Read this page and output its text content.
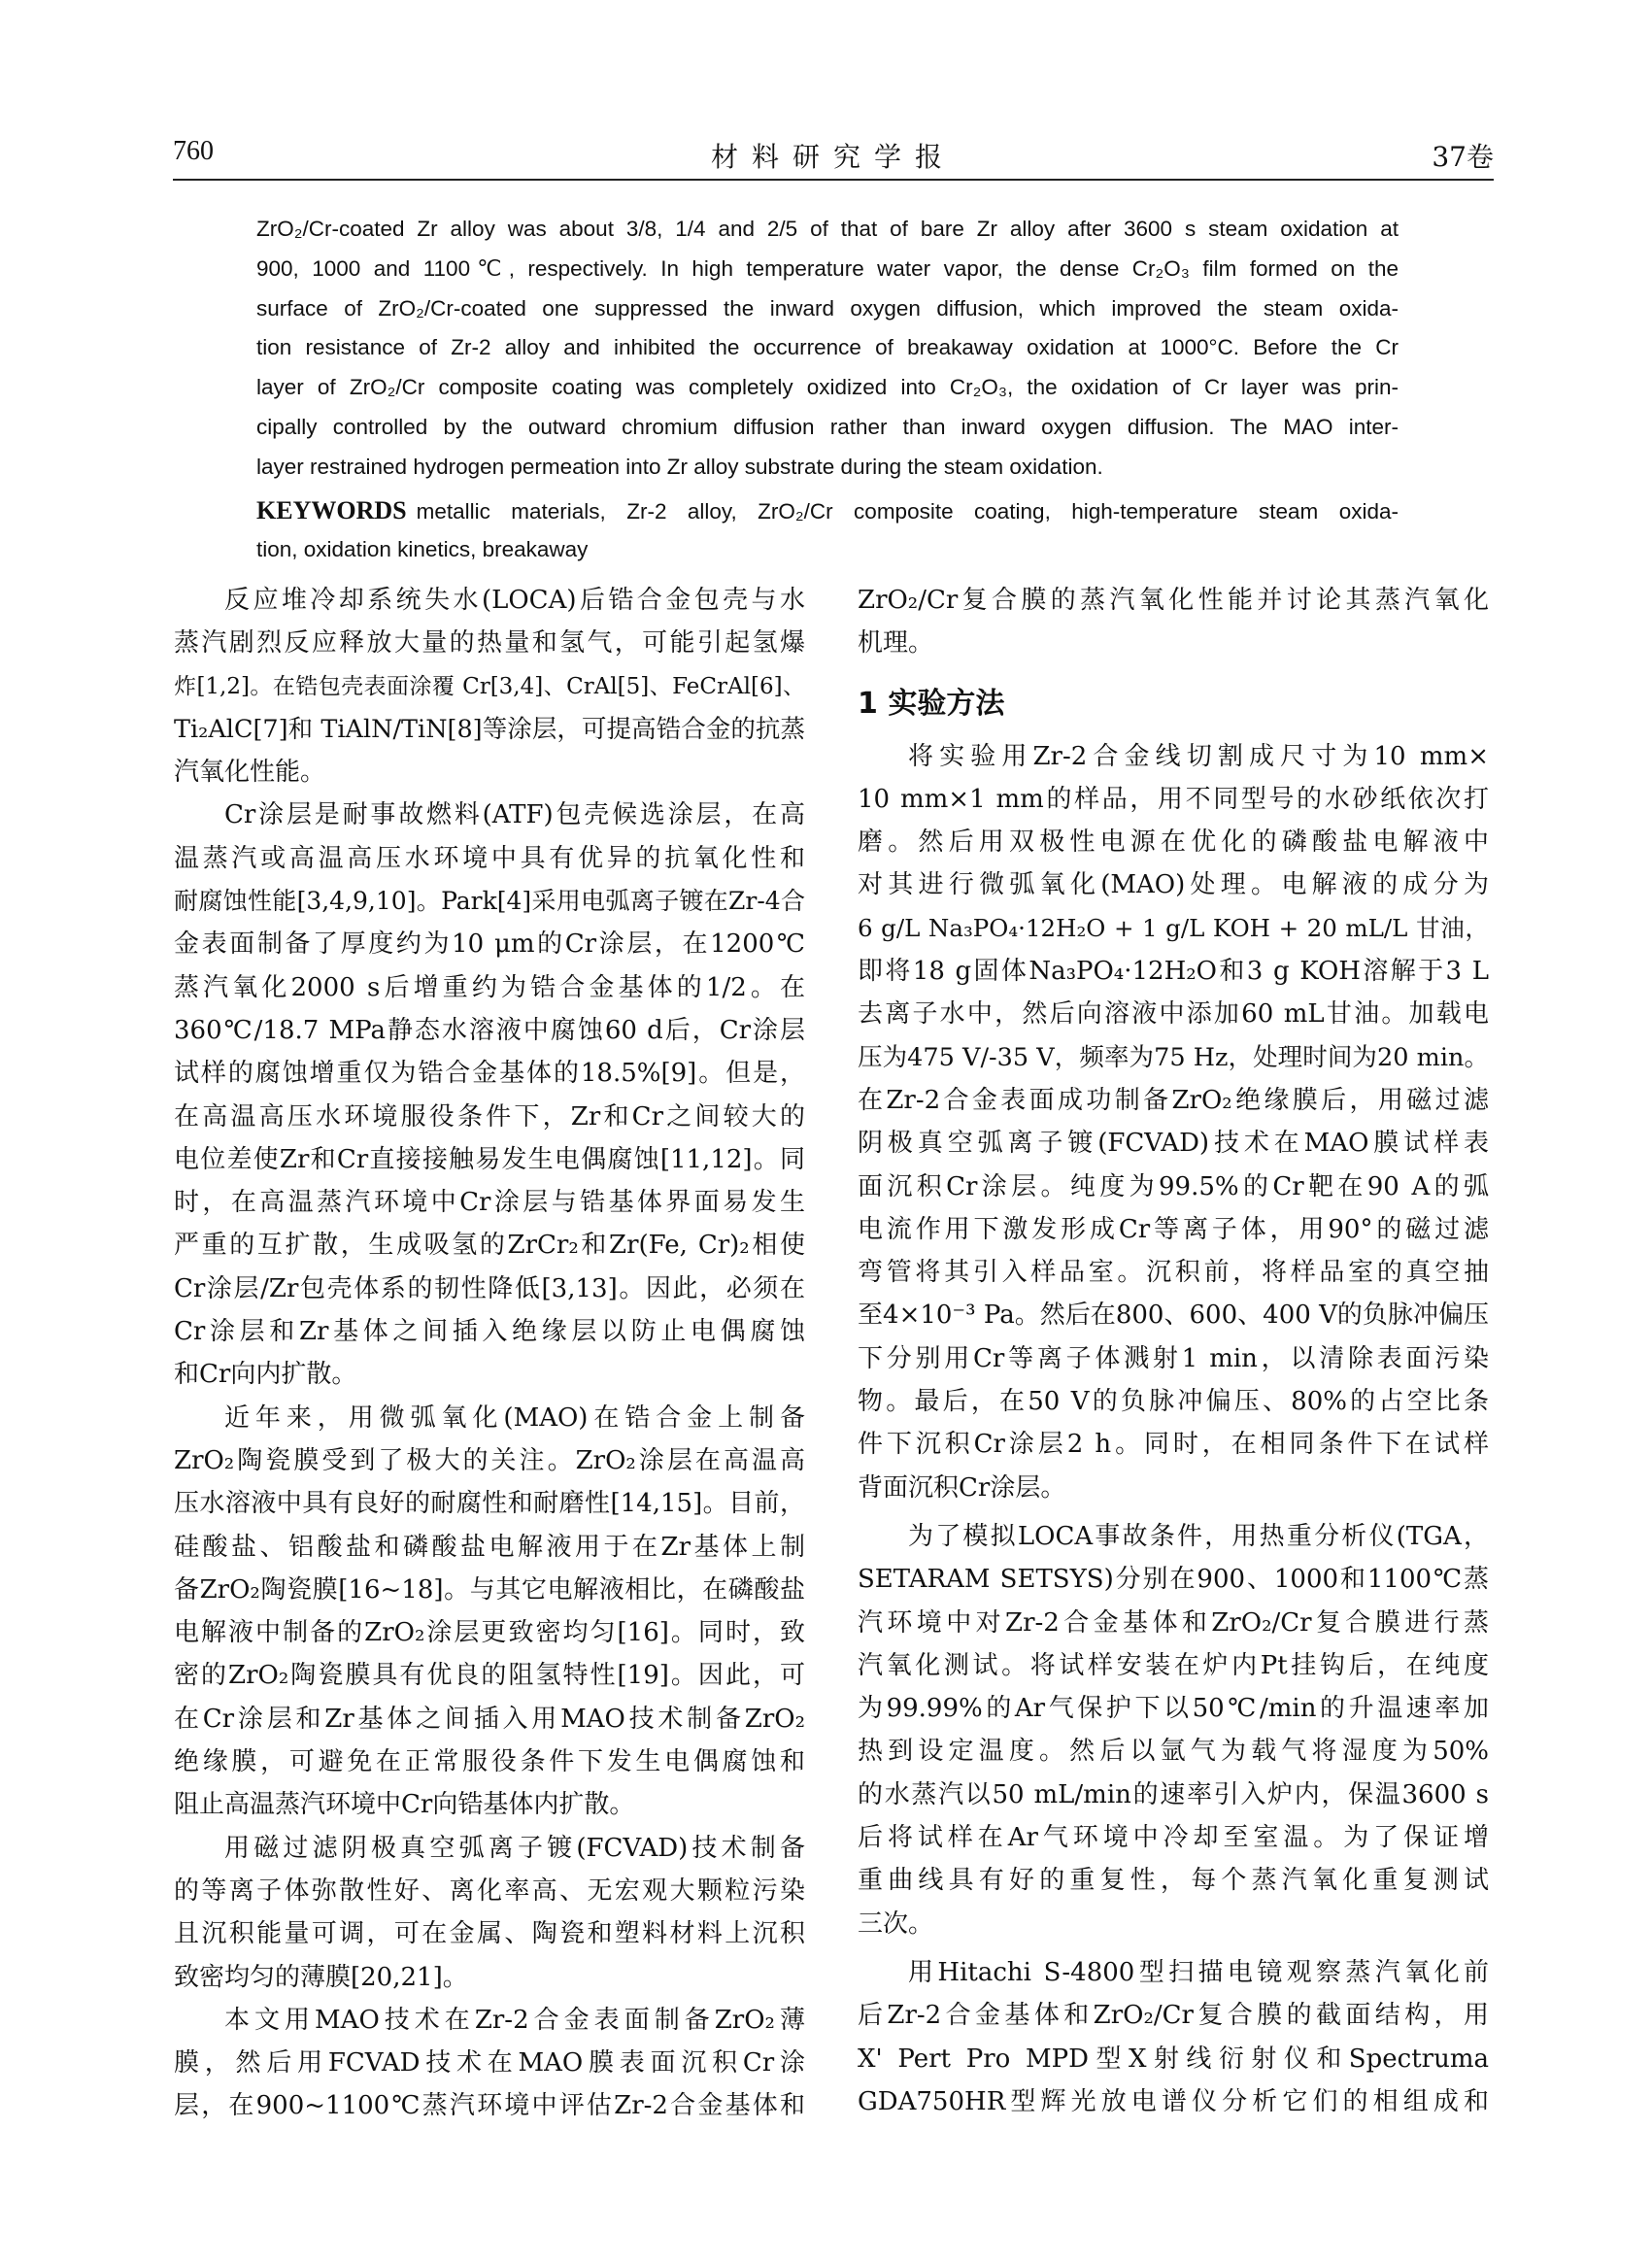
760	材料研究学报	37卷
ZrO₂/Cr-coated Zr alloy was about 3/8, 1/4 and 2/5 of that of bare Zr alloy after 3600 s steam oxidation at
900, 1000 and 1100℃, respectively. In high temperature water vapor, the dense Cr₂O₃ film formed on the
surface of ZrO₂/Cr-coated one suppressed the inward oxygen diffusion, which improved the steam oxida-
tion resistance of Zr-2 alloy and inhibited the occurrence of breakaway oxidation at 1000°C. Before the Cr
layer of ZrO₂/Cr composite coating was completely oxidized into Cr₂O₃, the oxidation of Cr layer was prin-
cipally controlled by the outward chromium diffusion rather than inward oxygen diffusion. The MAO inter-
layer restrained hydrogen permeation into Zr alloy substrate during the steam oxidation.
KEYWORDS metallic materials, Zr-2 alloy, ZrO₂/Cr composite coating, high-temperature steam oxida-
tion, oxidation kinetics, breakaway
反应堆冷却系统失水(LOCA)后锆合金包壳与水
蒸汽剧烈反应释放大量的热量和氢气，可能引起氢爆
炸[1,2]。在锆包壳表面涂覆 Cr[3,4]、CrAl[5]、FeCrAl[6]、
Ti₂AlC[7]和 TiAlN/TiN[8]等涂层，可提高锆合金的抗蒸
汽氧化性能。
Cr涂层是耐事故燃料(ATF)包壳候选涂层，在高
温蒸汽或高温高压水环境中具有优异的抗氧化性和
耐腐蚀性能[3,4,9,10]。Park[4]采用电弧离子镀在Zr-4合
金表面制备了厚度约为10 μm的Cr涂层，在1200℃
蒸汽氧化2000 s后增重约为锆合金基体的1/2。在
360℃/18.7 MPa静态水溶液中腐蚀60 d后，Cr涂层
试样的腐蚀增重仅为锆合金基体的18.5%[9]。但是，
在高温高压水环境服役条件下，Zr和Cr之间较大的
电位差使Zr和Cr直接接触易发生电偶腐蚀[11,12]。同
时，在高温蒸汽环境中Cr涂层与锆基体界面易发生
严重的互扩散，生成吸氢的ZrCr₂和Zr(Fe, Cr)₂相使
Cr涂层/Zr包壳体系的韧性降低[3,13]。因此，必须在
Cr涂层和Zr基体之间插入绝缘层以防止电偶腐蚀
和Cr向内扩散。
近年来，用微弧氧化(MAO)在锆合金上制备
ZrO₂陶瓷膜受到了极大的关注。ZrO₂涂层在高温高
压水溶液中具有良好的耐腐性和耐磨性[14,15]。目前，
硅酸盐、铝酸盐和磷酸盐电解液用于在Zr基体上制
备ZrO₂陶瓷膜[16~18]。与其它电解液相比，在磷酸盐
电解液中制备的ZrO₂涂层更致密均匀[16]。同时，致
密的ZrO₂陶瓷膜具有优良的阻氢特性[19]。因此，可
在Cr涂层和Zr基体之间插入用MAO技术制备ZrO₂
绝缘膜，可避免在正常服役条件下发生电偶腐蚀和
阻止高温蒸汽环境中Cr向锆基体内扩散。
用磁过滤阴极真空弧离子镀(FCVAD)技术制备
的等离子体弥散性好、离化率高、无宏观大颗粒污染
且沉积能量可调，可在金属、陶瓷和塑料材料上沉积
致密均匀的薄膜[20,21]。
本文用MAO技术在Zr-2合金表面制备ZrO₂薄
膜，然后用FCVAD技术在MAO膜表面沉积Cr涂
层，在900~1100℃蒸汽环境中评估Zr-2合金基体和
ZrO₂/Cr复合膜的蒸汽氧化性能并讨论其蒸汽氧化
机理。
1 实验方法
将实验用Zr-2合金线切割成尺寸为10 mm×
10 mm×1 mm的样品，用不同型号的水砂纸依次打
磨。然后用双极性电源在优化的磷酸盐电解液中
对其进行微弧氧化(MAO)处理。电解液的成分为
6 g/L Na₃PO₄·12H₂O + 1 g/L KOH + 20 mL/L 甘油，
即将18 g固体Na₃PO₄·12H₂O和3 g KOH溶解于3 L
去离子水中，然后向溶液中添加60 mL甘油。加载电
压为475 V/-35 V，频率为75 Hz，处理时间为20 min。
在Zr-2合金表面成功制备ZrO₂绝缘膜后，用磁过滤
阴极真空弧离子镀(FCVAD)技术在MAO膜试样表
面沉积Cr涂层。纯度为99.5%的Cr靶在90 A的弧
电流作用下激发形成Cr等离子体，用90°的磁过滤
弯管将其引入样品室。沉积前，将样品室的真空抽
至4×10⁻³ Pa。然后在800、600、400 V的负脉冲偏压
下分别用Cr等离子体溅射1 min，以清除表面污染
物。最后，在50 V的负脉冲偏压、80%的占空比条
件下沉积Cr涂层2 h。同时，在相同条件下在试样
背面沉积Cr涂层。
为了模拟LOCA事故条件，用热重分析仪(TGA，
SETARAM SETSYS)分别在900、1000和1100℃蒸
汽环境中对Zr-2合金基体和ZrO₂/Cr复合膜进行蒸
汽氧化测试。将试样安装在炉内Pt挂钩后，在纯度
为99.99%的Ar气保护下以50℃/min的升温速率加
热到设定温度。然后以氩气为载气将湿度为50%
的水蒸汽以50 mL/min的速率引入炉内，保温3600 s
后将试样在Ar气环境中冷却至室温。为了保证增
重曲线具有好的重复性，每个蒸汽氧化重复测试
三次。
用Hitachi S-4800型扫描电镜观察蒸汽氧化前
后Zr-2合金基体和ZrO₂/Cr复合膜的截面结构，用
X' Pert Pro MPD型X射线衍射仪和Spectruma
GDA750HR型辉光放电谱仪分析它们的相组成和
